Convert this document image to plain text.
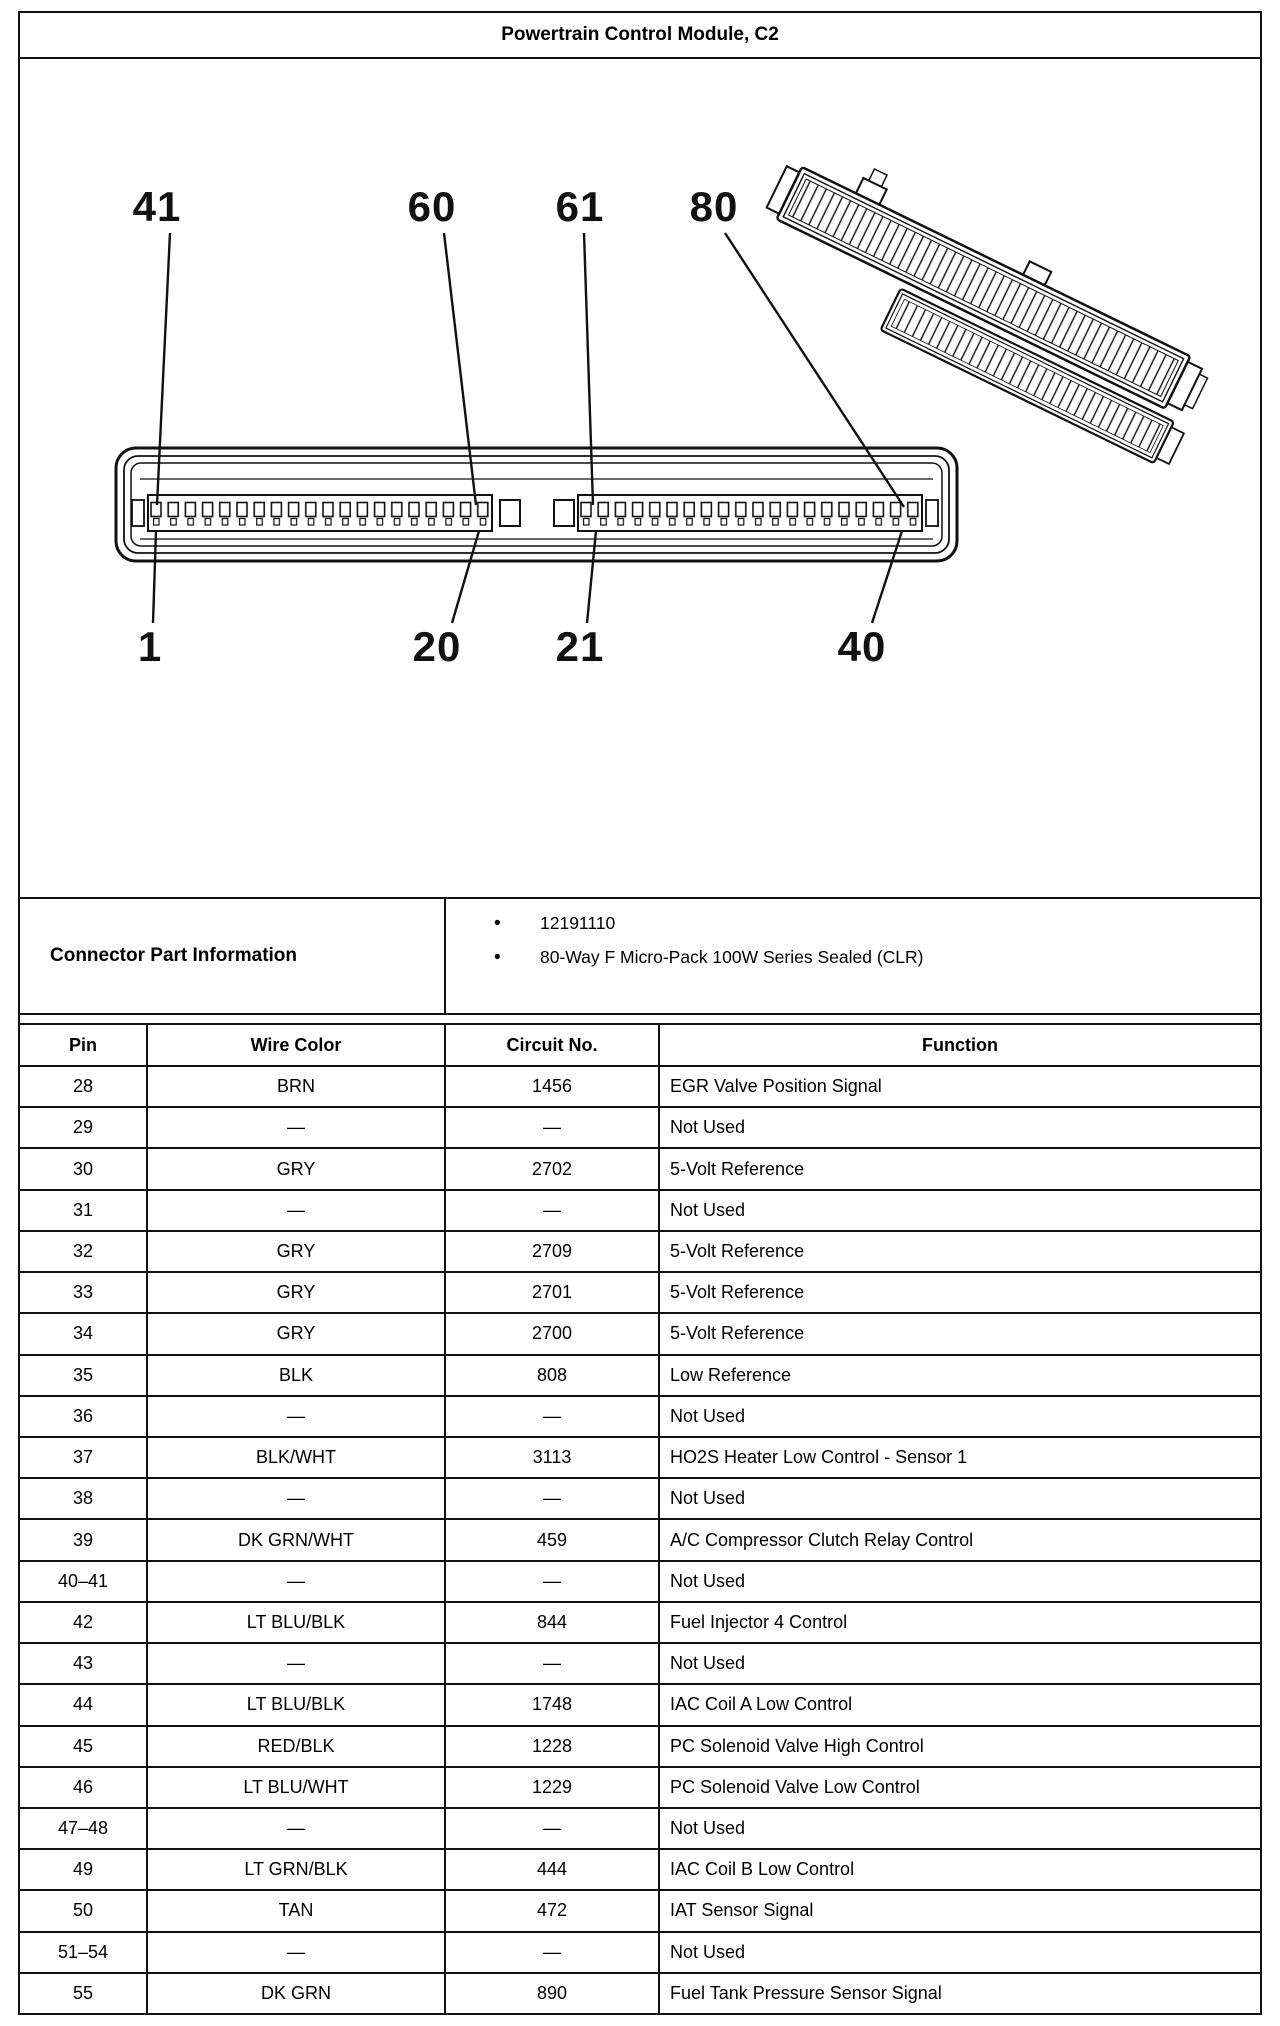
Powertrain Control Module, C2
41	60	61	80
1	20	21	40
Connector Part Information
•	12191110
•	80-Way F Micro-Pack 100W Series Sealed (CLR)
Pin	Wire Color	Circuit No.	Function
28	BRN	1456	EGR Valve Position Signal
29	—	—	Not Used
30	GRY	2702	5-Volt Reference
31	—	—	Not Used
32	GRY	2709	5-Volt Reference
33	GRY	2701	5-Volt Reference
34	GRY	2700	5-Volt Reference
35	BLK	808	Low Reference
36	—	—	Not Used
37	BLK/WHT	3113	HO2S Heater Low Control - Sensor 1
38	—	—	Not Used
39	DK GRN/WHT	459	A/C Compressor Clutch Relay Control
40–41	—	—	Not Used
42	LT BLU/BLK	844	Fuel Injector 4 Control
43	—	—	Not Used
44	LT BLU/BLK	1748	IAC Coil A Low Control
45	RED/BLK	1228	PC Solenoid Valve High Control
46	LT BLU/WHT	1229	PC Solenoid Valve Low Control
47–48	—	—	Not Used
49	LT GRN/BLK	444	IAC Coil B Low Control
50	TAN	472	IAT Sensor Signal
51–54	—	—	Not Used
55	DK GRN	890	Fuel Tank Pressure Sensor Signal
